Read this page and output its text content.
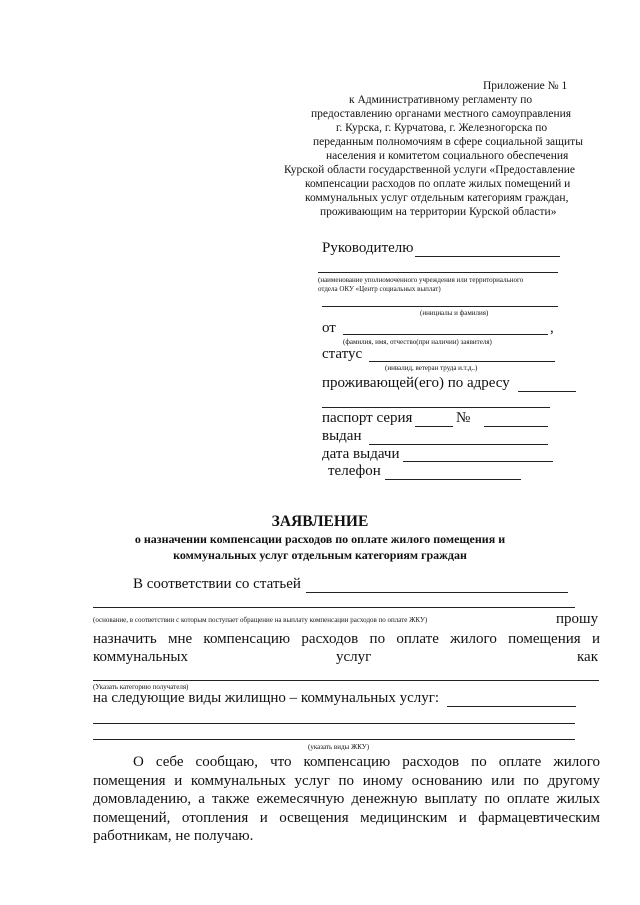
Приложение № 1
к Административному регламенту по
предоставлению органами местного самоуправления
г. Курска, г. Курчатова, г. Железногорска по
переданным полномочиям в сфере социальной защиты
населения и комитетом социального обеспечения
Курской области государственной услуги «Предоставление
компенсации расходов по оплате жилых помещений и
коммунальных услуг отдельным категориям граждан,
проживающим на территории Курской области»
Руководителю
(наименование уполномоченного учреждения или территориального
отдела ОКУ «Центр социальных выплат)
(инициалы и фамилия)
от	,
(фамилия, имя, отчество(при наличии) заявителя)
статус
(инвалид, ветеран труда и.т.д..)
проживающей(его) по адресу
паспорт серия	№
выдан
дата выдачи
телефон
ЗАЯВЛЕНИЕ
о назначении компенсации расходов по оплате жилого помещения и
коммунальных услуг отдельным категориям граждан
В соответствии со статьей
(основание, в соответствии с которым поступает обращение на выплату компенсации расходов по оплате ЖКУ)	прошу
назначить мне компенсацию расходов по оплате жилого помещения и
коммунальных	услуг	как
(Указать категорию получателя)
на следующие виды жилищно – коммунальных услуг:
(указать виды ЖКУ)
О себе сообщаю, что компенсацию расходов по оплате жилого помещения и коммунальных услуг по иному основанию или по другому домовладению, а также ежемесячную денежную выплату по оплате жилых помещений, отопления и освещения медицинским и фармацевтическим работникам, не получаю.
